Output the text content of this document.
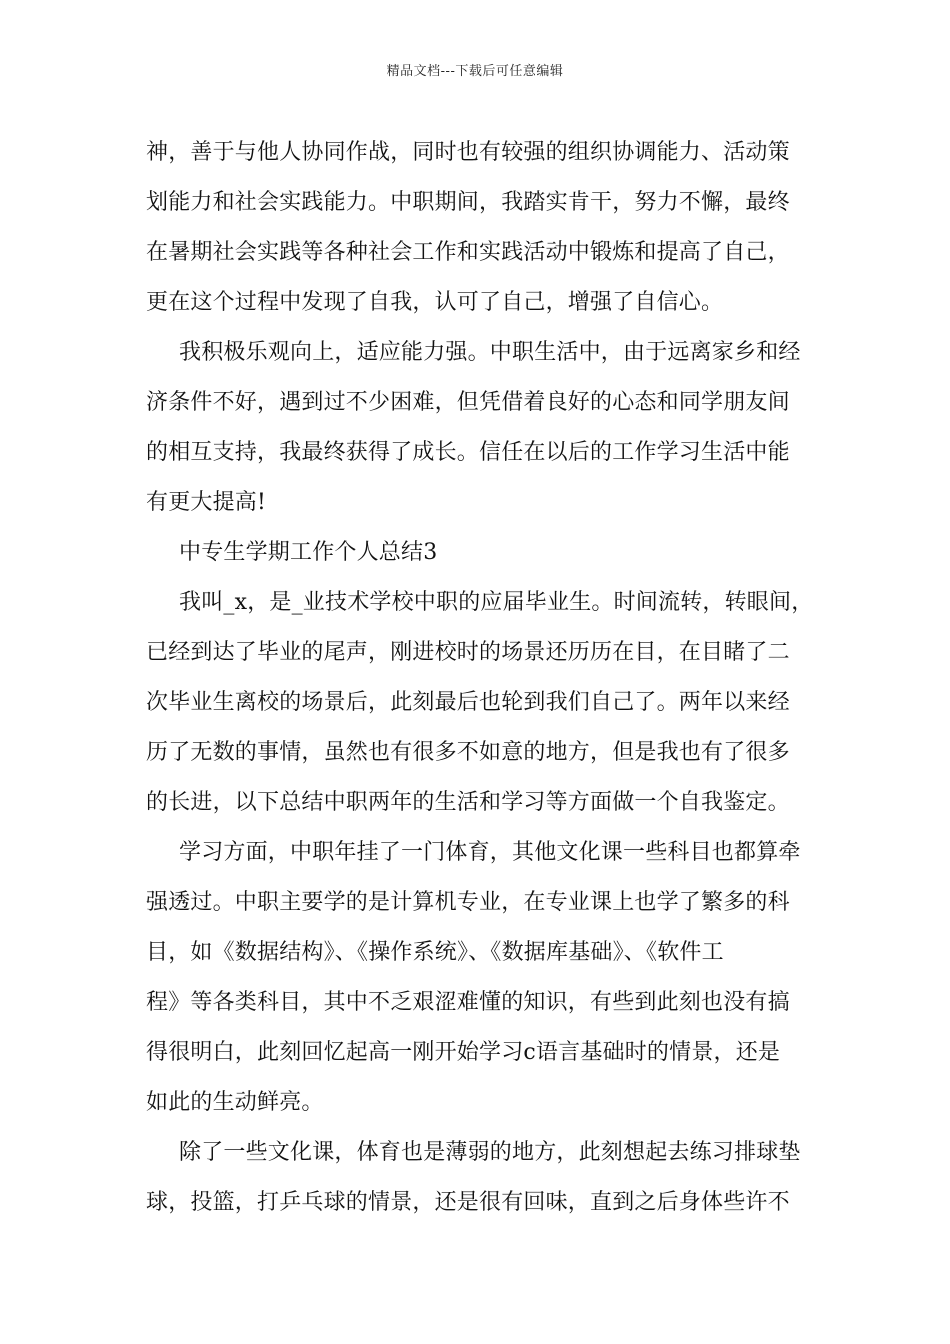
精品文档---下载后可任意编辑
神，善于与他人协同作战，同时也有较强的组织协调能力、活动策
划能力和社会实践能力。中职期间，我踏实肯干，努力不懈，最终
在暑期社会实践等各种社会工作和实践活动中锻炼和提高了自己，
更在这个过程中发现了自我，认可了自己，增强了自信心。
我积极乐观向上，适应能力强。中职生活中，由于远离家乡和经
济条件不好，遇到过不少困难，但凭借着良好的心态和同学朋友间
的相互支持，我最终获得了成长。信任在以后的工作学习生活中能
有更大提高!
中专生学期工作个人总结3
我叫_x，是_业技术学校中职的应届毕业生。时间流转，转眼间，
已经到达了毕业的尾声，刚进校时的场景还历历在目，在目睹了二
次毕业生离校的场景后，此刻最后也轮到我们自己了。两年以来经
历了无数的事情，虽然也有很多不如意的地方，但是我也有了很多
的长进，以下总结中职两年的生活和学习等方面做一个自我鉴定。
学习方面，中职年挂了一门体育，其他文化课一些科目也都算牵
强透过。中职主要学的是计算机专业，在专业课上也学了繁多的科
目，如《数据结构》、《操作系统》、《数据库基础》、《软件工
程》等各类科目，其中不乏艰涩难懂的知识，有些到此刻也没有搞
得很明白，此刻回忆起高一刚开始学习c语言基础时的情景，还是
如此的生动鲜亮。
除了一些文化课，体育也是薄弱的地方，此刻想起去练习排球垫
球，投篮，打乒乓球的情景，还是很有回味，直到之后身体些许不
